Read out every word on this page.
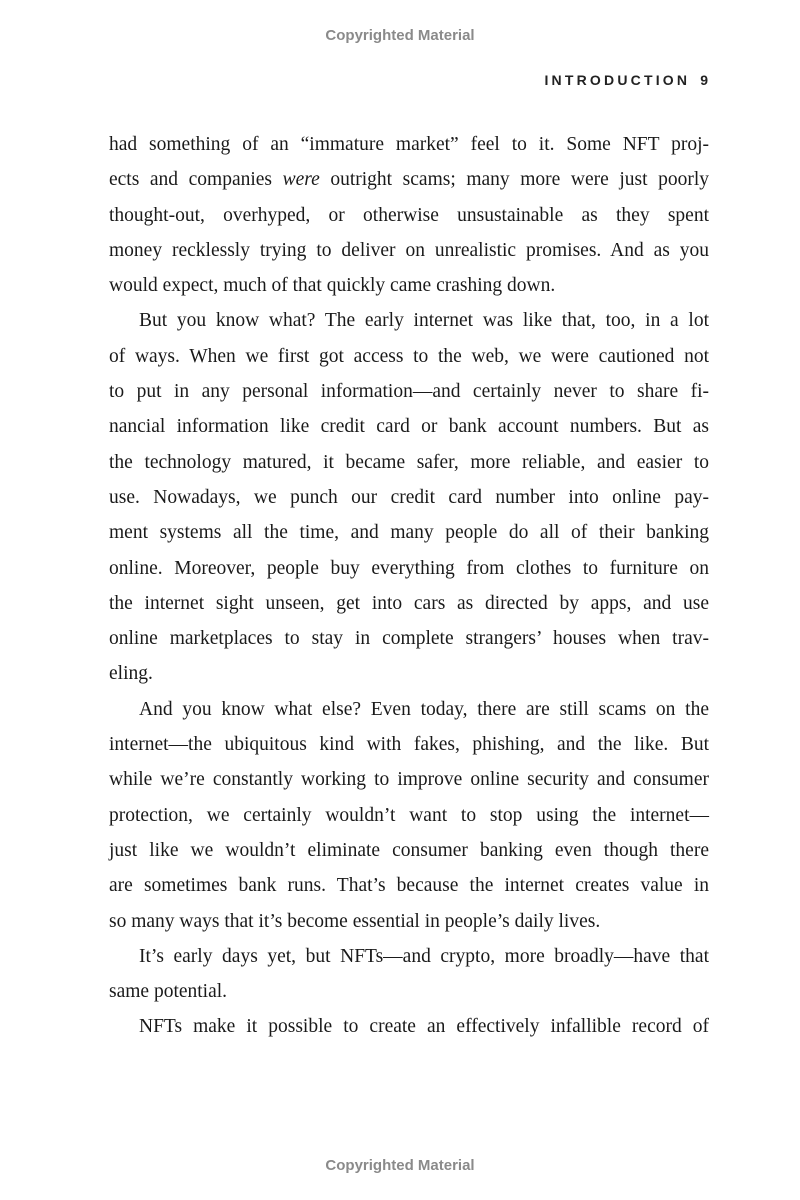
Copyrighted Material
INTRODUCTION 9
had something of an “immature market” feel to it. Some NFT proj-
ects and companies were outright scams; many more were just poorly
thought-out, overhyped, or otherwise unsustainable as they spent
money recklessly trying to deliver on unrealistic promises. And as you
would expect, much of that quickly came crashing down.
But you know what? The early internet was like that, too, in a lot
of ways. When we first got access to the web, we were cautioned not
to put in any personal information—and certainly never to share fi-
nancial information like credit card or bank account numbers. But as
the technology matured, it became safer, more reliable, and easier to
use. Nowadays, we punch our credit card number into online pay-
ment systems all the time, and many people do all of their banking
online. Moreover, people buy everything from clothes to furniture on
the internet sight unseen, get into cars as directed by apps, and use
online marketplaces to stay in complete strangers’ houses when trav-
eling.
And you know what else? Even today, there are still scams on the
internet—the ubiquitous kind with fakes, phishing, and the like. But
while we’re constantly working to improve online security and consumer
protection, we certainly wouldn’t want to stop using the internet—
just like we wouldn’t eliminate consumer banking even though there
are sometimes bank runs. That’s because the internet creates value in
so many ways that it’s become essential in people’s daily lives.
It’s early days yet, but NFTs—and crypto, more broadly—have that
same potential.
NFTs make it possible to create an effectively infallible record of
Copyrighted Material
